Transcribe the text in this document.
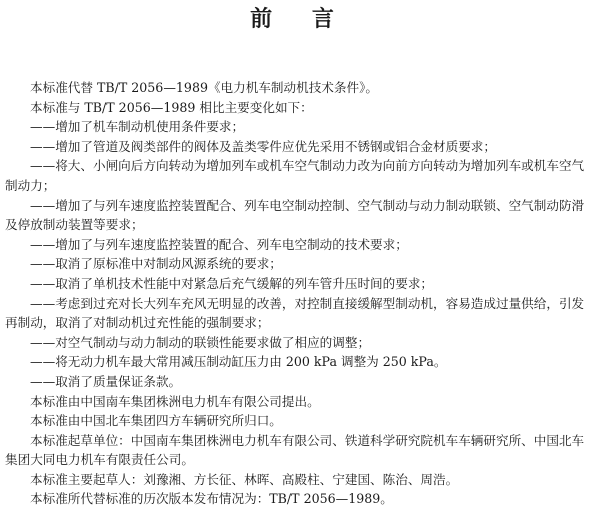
前 言

本标准代替 TB/T 2056—1989《电力机车制动机技术条件》。

本标准与 TB/T 2056—1989 相比主要变化如下：

——增加了机车制动机使用条件要求；

——增加了管道及阀类部件的阀体及盖类零件应优先采用不锈钢或铝合金材质要求；

——将大、小闸向后方向转动为增加列车或机车空气制动力改为向前方向转动为增加列车或机车空气制动力；

——增加了与列车速度监控装置配合、列车电空制动控制、空气制动与动力制动联锁、空气制动防滑及停放制动装置等要求；

——增加了与列车速度监控装置的配合、列车电空制动的技术要求；

——取消了原标准中对制动风源系统的要求；

——取消了单机技术性能中对紧急后充气缓解的列车管升压时间的要求；

——考虑到过充对长大列车充风无明显的改善，对控制直接缓解型制动机，容易造成过量供给，引发再制动，取消了对制动机过充性能的强制要求；

——对空气制动与动力制动的联锁性能要求做了相应的调整；

——将无动力机车最大常用减压制动缸压力由 200 kPa 调整为 250 kPa。

——取消了质量保证条款。

本标准由中国南车集团株洲电力机车有限公司提出。

本标准由中国北车集团四方车辆研究所归口。

本标准起草单位：中国南车集团株洲电力机车有限公司、铁道科学研究院机车车辆研究所、中国北车集团大同电力机车有限责任公司。

本标准主要起草人：刘豫湘、方长征、林晖、高殿柱、宁建国、陈治、周浩。

本标准所代替标准的历次版本发布情况为：TB/T 2056—1989。
